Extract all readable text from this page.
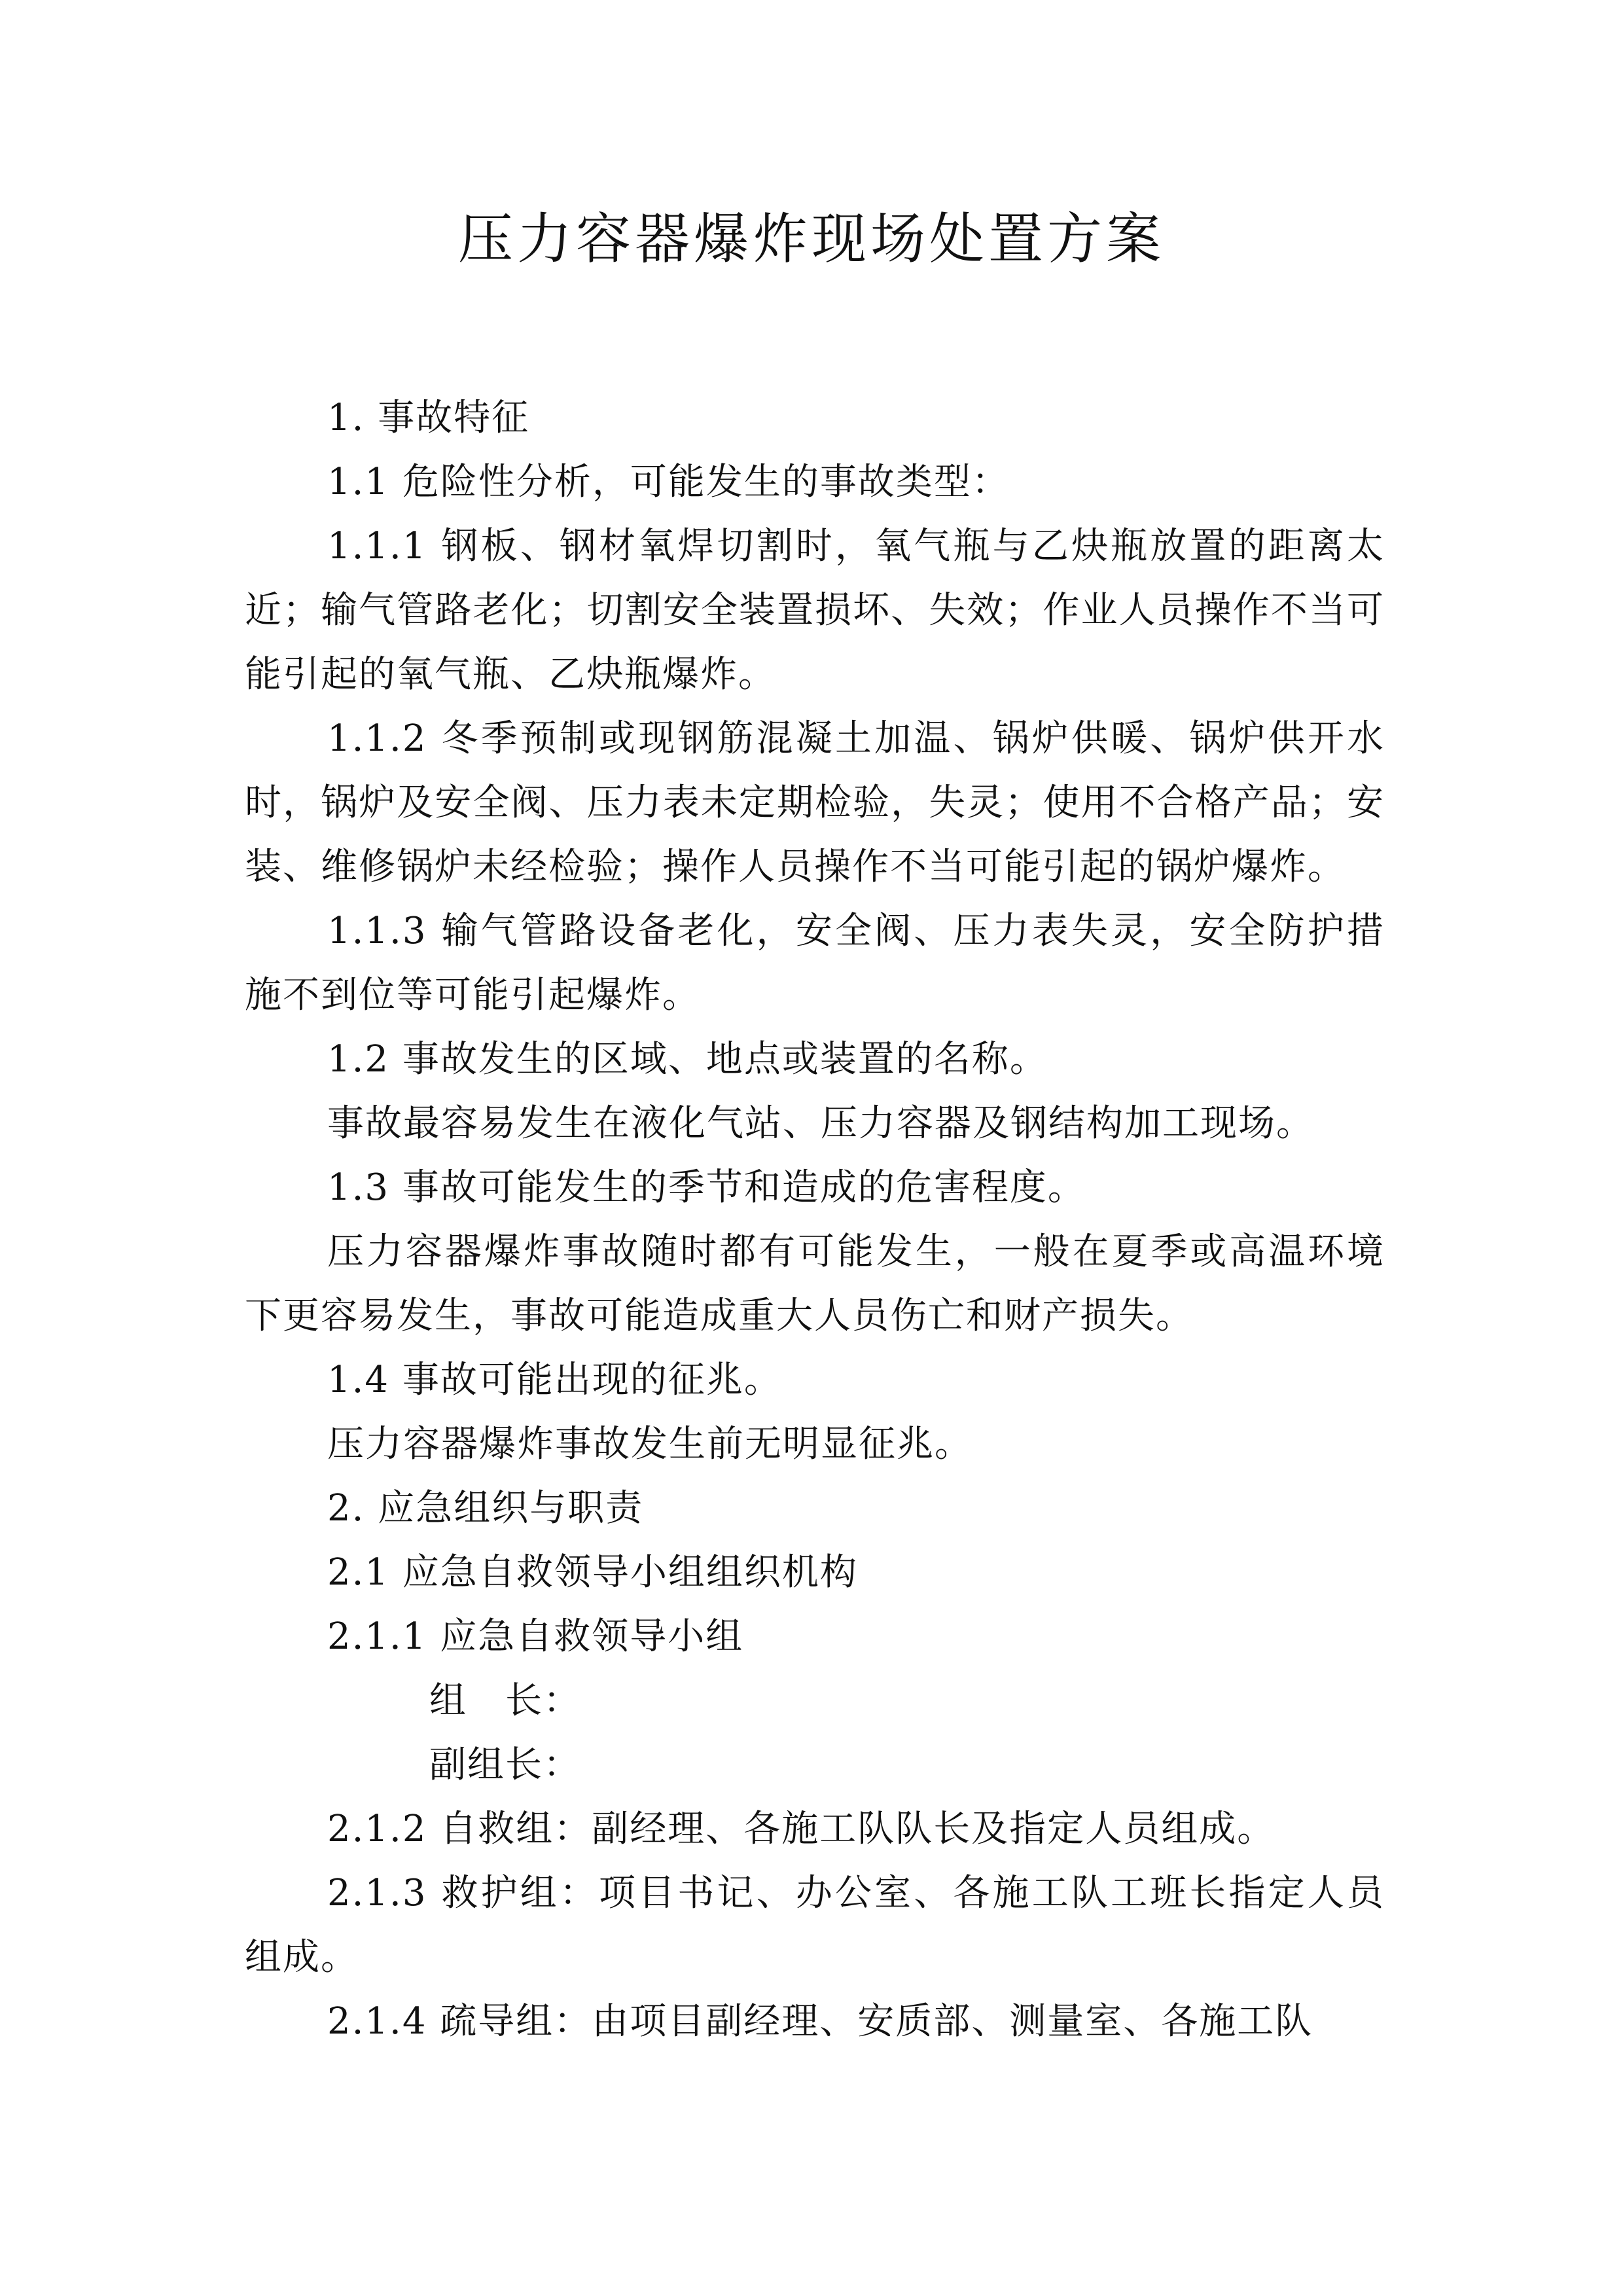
压力容器爆炸现场处置方案

1. 事故特征

1.1 危险性分析，可能发生的事故类型：

1.1.1 钢板、钢材氧焊切割时，氧气瓶与乙炔瓶放置的距离太近；输气管路老化；切割安全装置损坏、失效；作业人员操作不当可能引起的氧气瓶、乙炔瓶爆炸。

1.1.2 冬季预制或现钢筋混凝土加温、锅炉供暖、锅炉供开水时，锅炉及安全阀、压力表未定期检验，失灵；使用不合格产品；安装、维修锅炉未经检验；操作人员操作不当可能引起的锅炉爆炸。

1.1.3 输气管路设备老化，安全阀、压力表失灵，安全防护措施不到位等可能引起爆炸。

1.2 事故发生的区域、地点或装置的名称。

事故最容易发生在液化气站、压力容器及钢结构加工现场。

1.3 事故可能发生的季节和造成的危害程度。

压力容器爆炸事故随时都有可能发生，一般在夏季或高温环境下更容易发生，事故可能造成重大人员伤亡和财产损失。

1.4 事故可能出现的征兆。

压力容器爆炸事故发生前无明显征兆。

2. 应急组织与职责

2.1 应急自救领导小组组织机构

2.1.1 应急自救领导小组

组　长：

副组长：

2.1.2 自救组：副经理、各施工队队长及指定人员组成。

2.1.3 救护组：项目书记、办公室、各施工队工班长指定人员组成。

2.1.4 疏导组：由项目副经理、安质部、测量室、各施工队
